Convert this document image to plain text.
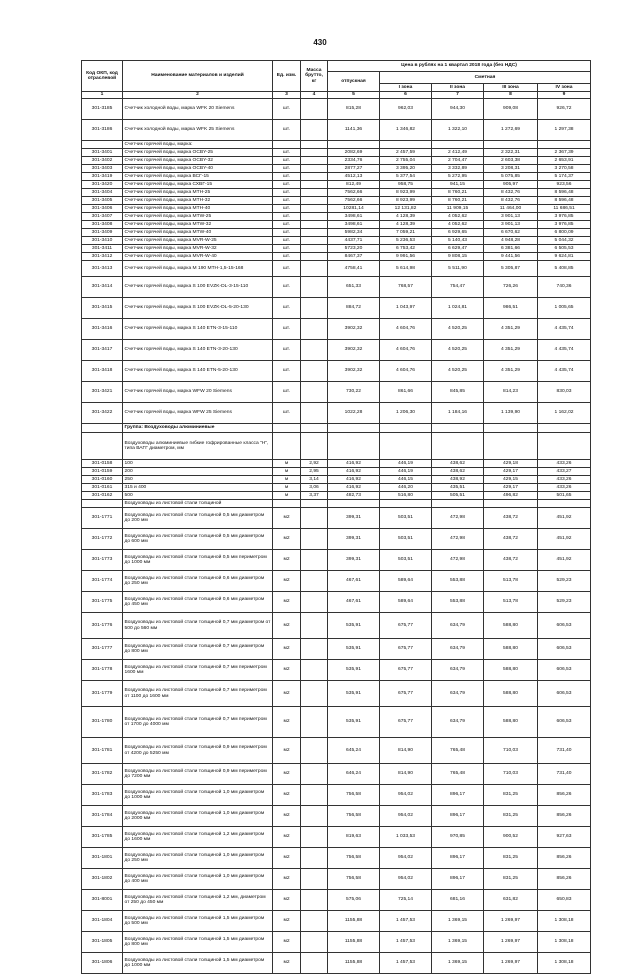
430
Код ОКП, код отраслевой	Наименование материалов и изделий	Ед. изм.	Масса брутто, кг	Цена в рублях на 1 квартал 2018 года (без НДС)				
				отпускная	Сметная			
					I зона	II зона	III зона	IV зона
1	2	3	4	5	6	7	8	9
301-3185	Счетчик холодной воды, марка WFK 20 Siemens	шт.		815,28	962,03	944,30	909,08	926,72
301-3186	Счетчик холодной воды, марка WFK 25 Siemens	шт.		1141,36	1 346,82	1 322,10	1 272,69	1 297,38
	Счетчик горячей воды, марка:							
301-3401	Счетчик горячей воды, марка OCBY-25	шт.		2082,69	2 457,59	2 412,49	2 322,31	2 367,39
301-3402	Счетчик горячей воды, марка OCBY-32	шт.		2334,76	2 755,04	2 704,47	2 603,38	2 653,91
301-3403	Счетчик горячей воды, марка OCBY-40	шт.		2877,27	3 395,20	3 332,89	3 208,31	3 270,58
301-3419	Счетчик горячей воды, марка ВСГ-15	шт.		4512,13	5 377,54	5 272,95	5 075,85	5 174,37
301-3420	Счетчик горячей воды, марка СХВГ-15	шт.		812,49	958,75	941,15	905,97	923,56
301-3404	Счетчик горячей воды, марка MTH-25	шт.		7562,66	8 923,99	8 760,21	8 432,76	8 596,48
301-3405	Счетчик горячей воды, марка MTH-32	шт.		7562,66	8 923,99	8 760,21	8 432,76	8 596,48
301-3406	Счетчик горячей воды, марка MTH-40	шт.		10281,14	12 131,82	11 909,15	11 464,00	11 686,51
301-3407	Счетчик горячей воды, марка MTW-25	шт.		3498,61	4 128,39	4 052,62	3 901,13	3 976,85
301-3408	Счетчик горячей воды, марка MTW-32	шт.		3498,61	4 128,39	4 052,62	3 901,13	3 976,85
301-3409	Счетчик горячей воды, марка MTW-40	шт.		5982,34	7 059,21	6 929,65	6 670,62	6 800,09
301-3410	Счетчик горячей воды, марка MVR-W-25	шт.		4437,71	5 236,53	5 140,43	4 948,28	5 044,32
301-3411	Счетчик горячей воды, марка MVR-W-32	шт.		5723,20	6 753,42	6 629,47	6 381,66	6 505,53
301-3412	Счетчик горячей воды, марка MVR-W-40	шт.		8467,37	9 991,56	9 808,15	9 441,56	9 624,81
301-3413	Счетчик горячей воды, марка M 190 MTH-1,5-15-168	шт.		4758,41	5 614,98	5 511,90	5 305,87	5 408,85
301-3414	Счетчик горячей воды, марка S 100 EVZK-DL-3-15-110	шт.		651,33	768,57	754,47	726,26	740,36
301-3415	Счетчик горячей воды, марка S 100 EVZK-DL-5-20-130	шт.		884,72	1 043,97	1 024,81	986,51	1 005,65
301-3416	Счетчик горячей воды, марка S 140 ETN-3-15-110	шт.		3902,32	4 604,76	4 520,25	4 351,29	4 435,74
301-3417	Счетчик горячей воды, марка S 140 ETN-3-20-130	шт.		3902,32	4 604,76	4 520,25	4 351,29	4 435,74
301-3418	Счетчик горячей воды, марка S 140 ETN-5-20-130	шт.		3902,32	4 604,76	4 520,25	4 351,29	4 435,74
301-3421	Счетчик горячей воды, марка WFW 20 Siemens	шт.		730,22	861,66	845,85	814,23	830,03
301-3422	Счетчик горячей воды, марка WFW 25 Siemens	шт.		1022,28	1 206,30	1 184,16	1 139,90	1 162,02
	Группа: Воздуховоды алюминиевые							
	Воздуховоды алюминиевые гибкие гофрированные класса "Н", типа ВАГГ диаметром, мм							
301-0158	100	м	2,92	416,92	446,19	438,62	429,18	433,26
301-0159	200	м	2,95	416,92	446,19	438,62	429,17	433,27
301-0160	250	м	3,14	416,92	446,15	438,92	429,15	433,26
301-0161	315 и 400	м	3,06	416,92	446,20	435,51	429,17	433,26
301-0162	500	м	3,37	482,73	516,80	505,51	496,82	501,65
	Воздуховоды из листовой стали толщиной							
301-1771	Воздуховоды из листовой стали толщиной 0,5 мм диаметром до 200 мм	м2		399,31	503,51	472,98	438,72	451,92
301-1772	Воздуховоды из листовой стали толщиной 0,5 мм диаметром до 600 мм	м2		399,31	503,51	472,98	438,72	451,92
301-1773	Воздуховоды из листовой стали толщиной 0,5 мм периметром до 1000 мм	м2		399,31	503,51	472,98	438,72	451,92
301-1774	Воздуховоды из листовой стали толщиной 0,6 мм диаметром до 250 мм	м2		467,61	589,64	553,88	513,78	529,23
301-1775	Воздуховоды из листовой стали толщиной 0,6 мм диаметром до 450 мм	м2		467,61	589,64	553,88	513,78	529,23
301-1776	Воздуховоды из листовой стали толщиной 0,7 мм диаметром от 500 до 560 мм	м2		535,91	675,77	634,79	588,80	606,53
301-1777	Воздуховоды из листовой стали толщиной 0,7 мм диаметром до 800 мм	м2		535,91	675,77	634,79	588,80	606,53
301-1778	Воздуховоды из листовой стали толщиной 0,7 мм периметром 1600 мм	м2		535,91	675,77	634,79	588,80	606,53
301-1779	Воздуховоды из листовой стали толщиной 0,7 мм периметром от 1100 до 1600 мм	м2		535,91	675,77	634,79	588,80	606,53
301-1780	Воздуховоды из листовой стали толщиной 0,7 мм периметром от 1700 до 4000 мм	м2		535,91	675,77	634,79	588,80	606,53
301-1781	Воздуховоды из листовой стали толщиной 0,9 мм периметром от 4200 до 5250 мм	м2		645,24	814,90	765,48	710,03	731,40
301-1782	Воздуховоды из листовой стали толщиной 0,9 мм периметром до 7200 мм	м2		646,24	814,90	765,48	710,03	731,40
301-1783	Воздуховоды из листовой стали толщиной 1,0 мм диаметром до 1000 мм	м2		756,58	954,02	896,17	831,25	856,26
301-1784	Воздуховоды из листовой стали толщиной 1,0 мм диаметром до 2000 мм	м2		756,58	954,02	896,17	831,25	856,26
301-1785	Воздуховоды из листовой стали толщиной 1,2 мм диаметром до 1600 мм	м2		819,63	1 033,53	970,85	900,52	927,63
301-1801	Воздуховоды из листовой стали толщиной 1,0 мм диаметром до 250 мм	м2		756,58	954,02	896,17	831,25	856,26
301-1802	Воздуховоды из листовой стали толщиной 1,0 мм диаметром до 400 мм	м2		756,58	954,02	896,17	831,25	856,26
301-8001	Воздуховоды из листовой стали толщиной 1,2 мм, диаметром от 250 до 450 мм	м2		575,06	725,14	681,16	631,82	650,83
301-1804	Воздуховоды из листовой стали толщиной 1,5 мм диаметром до 500 мм	м2		1155,88	1 457,53	1 369,15	1 269,97	1 308,18
301-1805	Воздуховоды из листовой стали толщиной 1,5 мм диаметром до 800 мм	м2		1155,88	1 457,53	1 369,15	1 269,97	1 308,18
301-1806	Воздуховоды из листовой стали толщиной 1,5 мм диаметром до 1000 мм	м2		1155,88	1 457,53	1 369,15	1 269,97	1 308,18
